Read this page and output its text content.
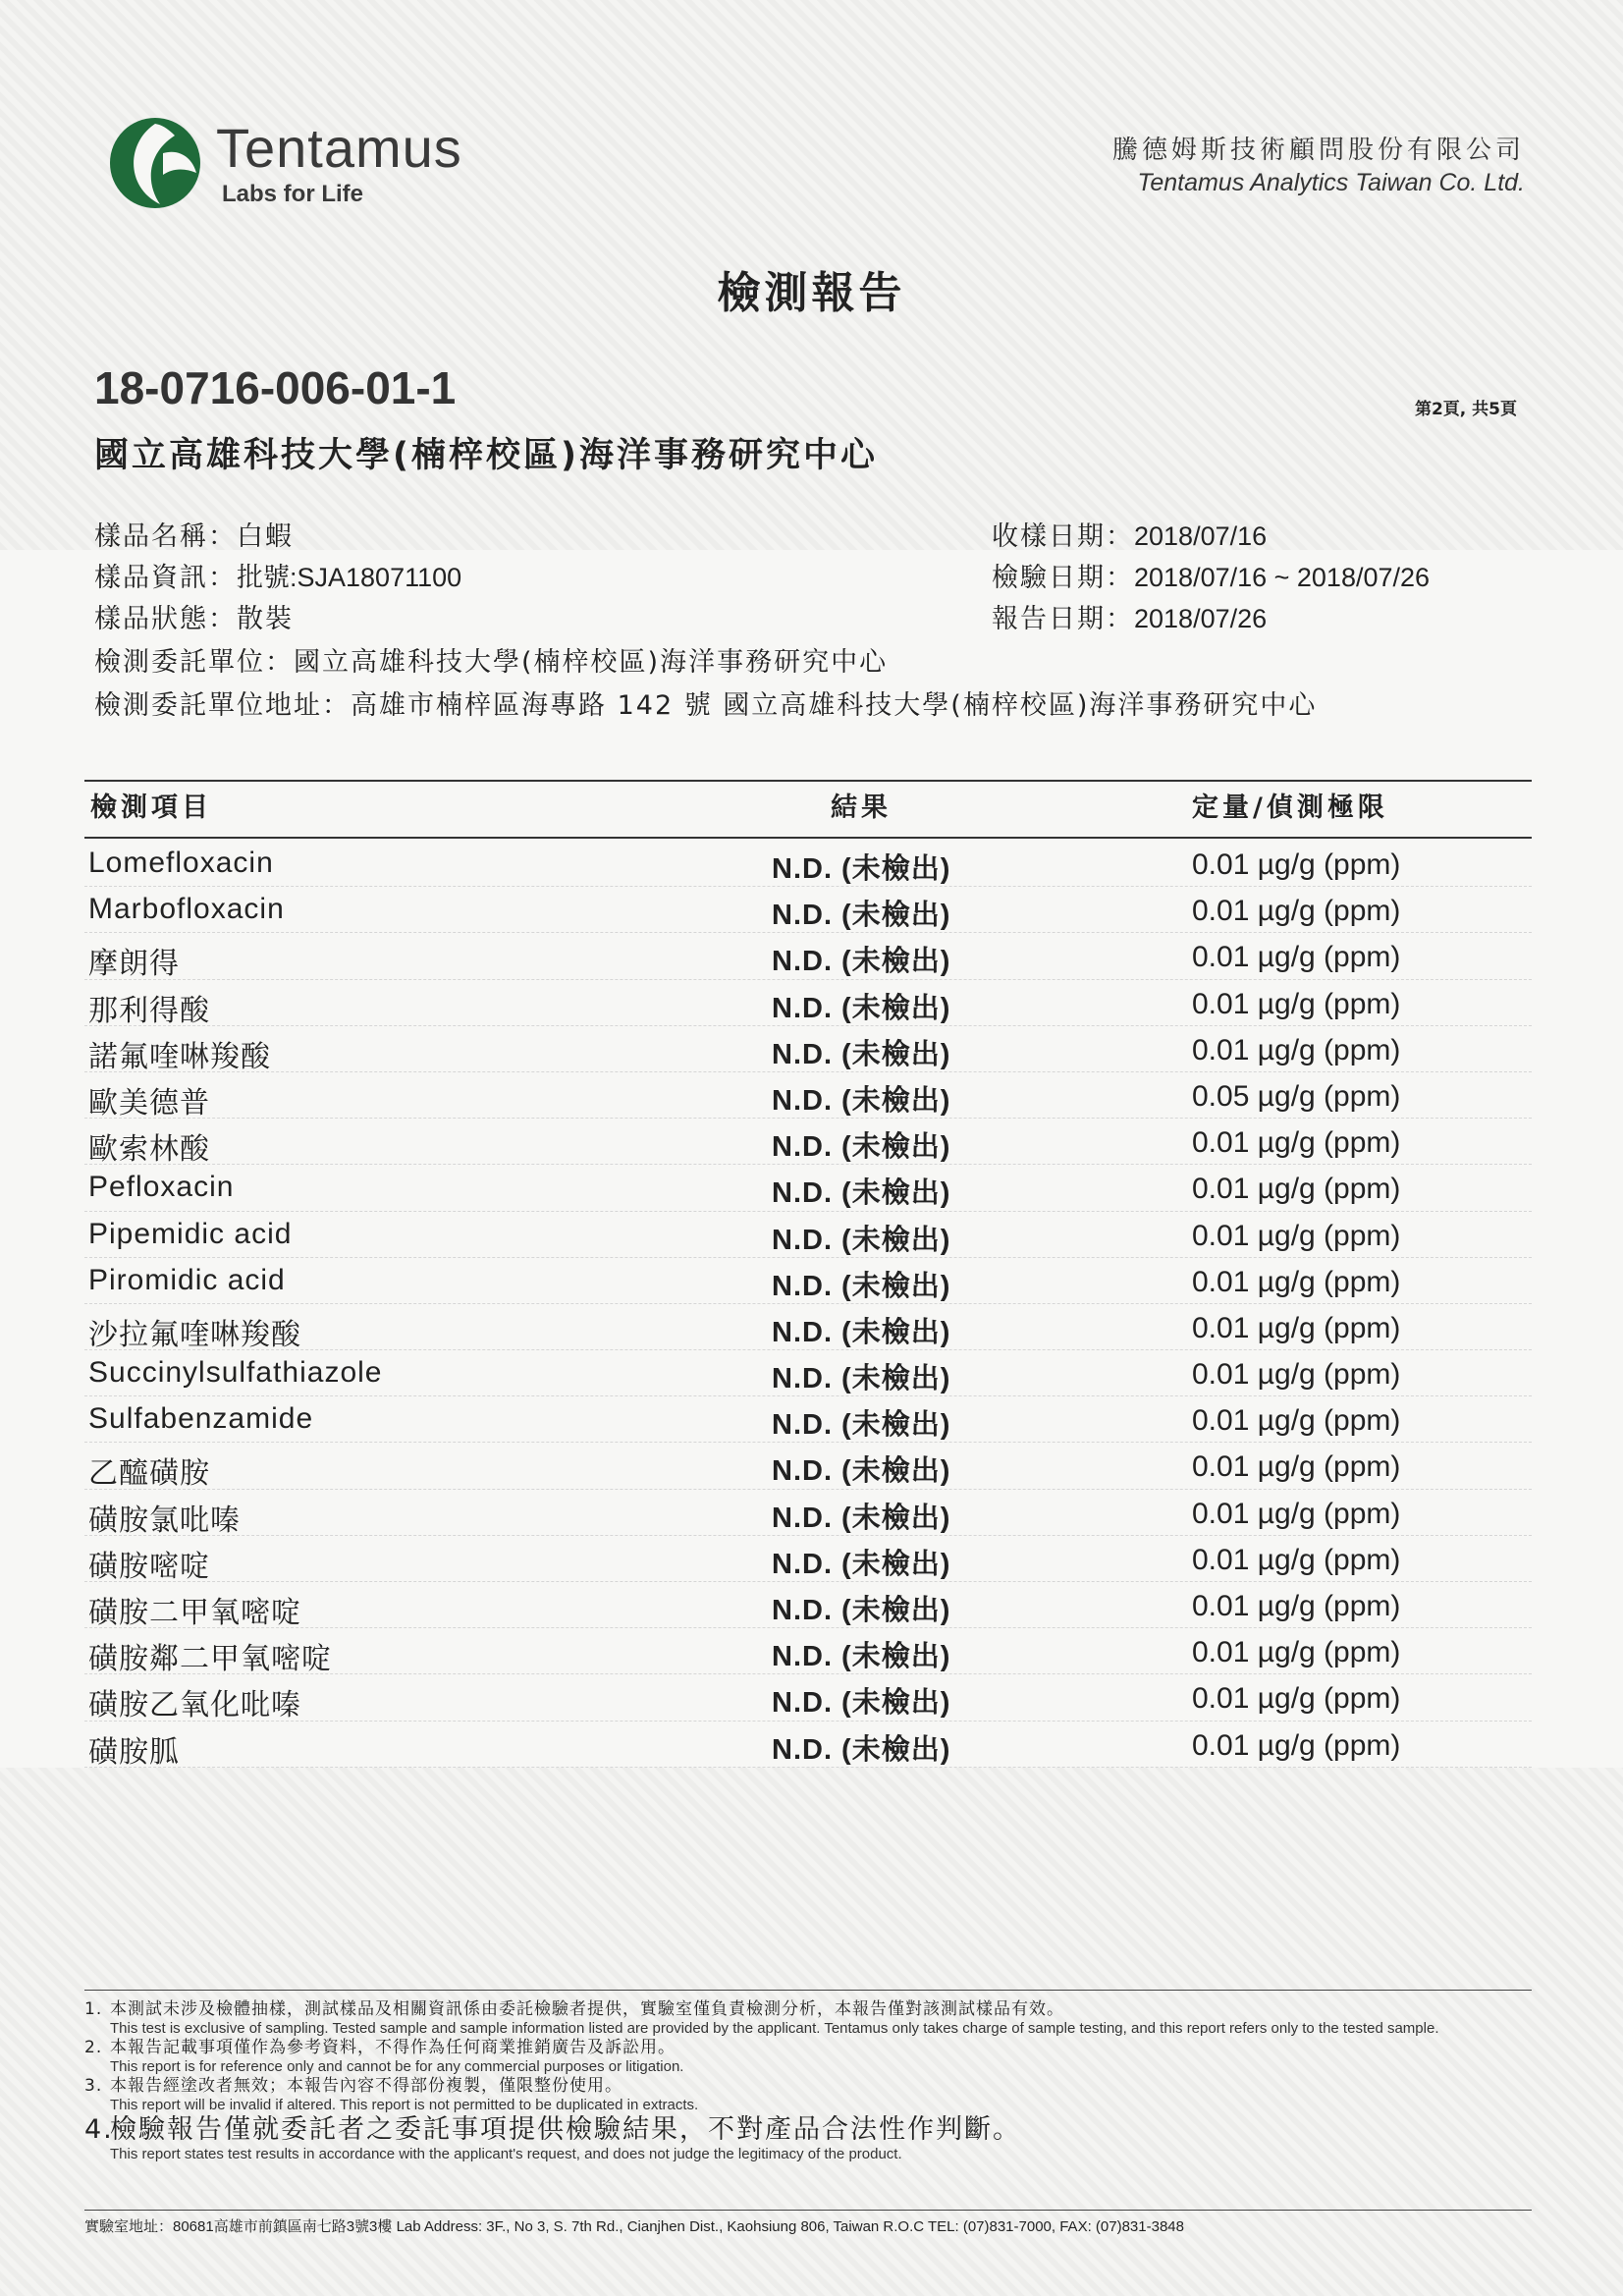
Tentamus
Labs for Life
騰德姆斯技術顧問股份有限公司
Tentamus Analytics Taiwan Co. Ltd.
檢測報告
18-0716-006-01-1	第2頁, 共5頁
國立高雄科技大學(楠梓校區)海洋事務研究中心
樣品名稱：白蝦
樣品資訊：批號:SJA18071100
樣品狀態：散裝
收樣日期：2018/07/16
檢驗日期：2018/07/16 ~ 2018/07/26
報告日期：2018/07/26
檢測委託單位：國立高雄科技大學(楠梓校區)海洋事務研究中心
檢測委託單位地址：高雄市楠梓區海專路 142 號 國立高雄科技大學(楠梓校區)海洋事務研究中心
檢測項目	結果	定量/偵測極限
Lomefloxacin	N.D. (未檢出)	0.01 µg/g (ppm)
Marbofloxacin	N.D. (未檢出)	0.01 µg/g (ppm)
摩朗得	N.D. (未檢出)	0.01 µg/g (ppm)
那利得酸	N.D. (未檢出)	0.01 µg/g (ppm)
諾氟喹啉羧酸	N.D. (未檢出)	0.01 µg/g (ppm)
歐美德普	N.D. (未檢出)	0.05 µg/g (ppm)
歐索林酸	N.D. (未檢出)	0.01 µg/g (ppm)
Pefloxacin	N.D. (未檢出)	0.01 µg/g (ppm)
Pipemidic acid	N.D. (未檢出)	0.01 µg/g (ppm)
Piromidic acid	N.D. (未檢出)	0.01 µg/g (ppm)
沙拉氟喹啉羧酸	N.D. (未檢出)	0.01 µg/g (ppm)
Succinylsulfathiazole	N.D. (未檢出)	0.01 µg/g (ppm)
Sulfabenzamide	N.D. (未檢出)	0.01 µg/g (ppm)
乙醯磺胺	N.D. (未檢出)	0.01 µg/g (ppm)
磺胺氯吡嗪	N.D. (未檢出)	0.01 µg/g (ppm)
磺胺嘧啶	N.D. (未檢出)	0.01 µg/g (ppm)
磺胺二甲氧嘧啶	N.D. (未檢出)	0.01 µg/g (ppm)
磺胺鄰二甲氧嘧啶	N.D. (未檢出)	0.01 µg/g (ppm)
磺胺乙氧化吡嗪	N.D. (未檢出)	0.01 µg/g (ppm)
磺胺胍	N.D. (未檢出)	0.01 µg/g (ppm)
1. 本測試未涉及檢體抽樣，測試樣品及相關資訊係由委託檢驗者提供，實驗室僅負責檢測分析，本報告僅對該測試樣品有效。
This test is exclusive of sampling. Tested sample and sample information listed are provided by the applicant. Tentamus only takes charge of sample testing, and this report refers only to the tested sample.
2. 本報告記載事項僅作為參考資料，不得作為任何商業推銷廣告及訴訟用。
This report is for reference only and cannot be for any commercial purposes or litigation.
3. 本報告經塗改者無效；本報告內容不得部份複製，僅限整份使用。
This report will be invalid if altered. This report is not permitted to be duplicated in extracts.
4.
檢驗報告僅就委託者之委託事項提供檢驗結果，不對產品合法性作判斷。
This report states test results in accordance with the applicant's request, and does not judge the legitimacy of the product.
實驗室地址：80681高雄市前鎮區南七路3號3樓 Lab Address: 3F., No 3, S. 7th Rd., Cianjhen Dist., Kaohsiung 806, Taiwan R.O.C TEL: (07)831-7000, FAX: (07)831-3848
